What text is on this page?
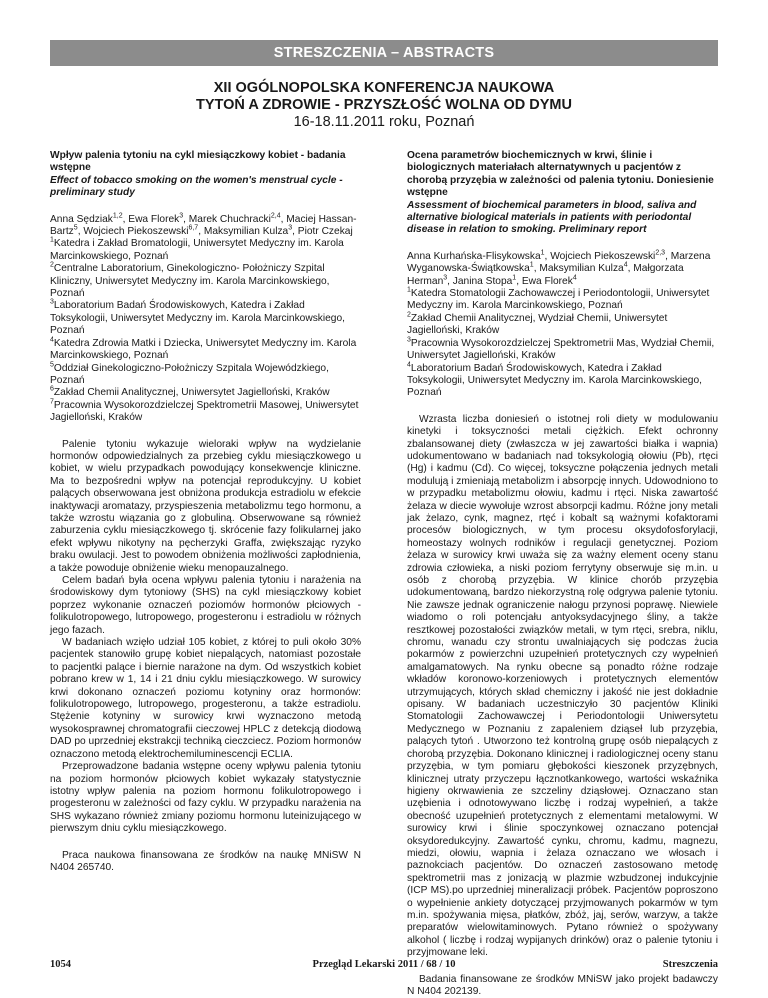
STRESZCZENIA – ABSTRACTS
XII OGÓLNOPOLSKA KONFERENCJA NAUKOWA
TYTOŃ A ZDROWIE - PRZYSZŁOŚĆ WOLNA OD DYMU
16-18.11.2011 roku, Poznań
Wpływ palenia tytoniu na cykl miesiączkowy kobiet - badania wstępne
Effect of tobacco smoking on the women's menstrual cycle - preliminary study
Anna Sędziak$^{1,2}$, Ewa Florek$^3$, Marek Chuchracki$^{2,4}$, Maciej Hassan-Bartz$^5$, Wojciech Piekoszewski$^{6,7}$, Maksymilian Kulza$^3$, Piotr Czekaj
$^1$Katedra i Zakład Bromatologii, Uniwersytet Medyczny im. Karola Marcinkowskiego, Poznań
$^2$Centralne Laboratorium, Ginekologiczno- Położniczy Szpital Kliniczny, Uniwersytet Medyczny im. Karola Marcinkowskiego, Poznań
$^3$Laboratorium Badań Środowiskowych, Katedra i Zakład Toksykologii, Uniwersytet Medyczny im. Karola Marcinkowskiego, Poznań
$^4$Katedra Zdrowia Matki i Dziecka, Uniwersytet Medyczny im. Karola Marcinkowskiego, Poznań
$^5$Oddział Ginekologiczno-Położniczy Szpitala Wojewódzkiego, Poznań
$^6$Zakład Chemii Analitycznej, Uniwersytet Jagielloński, Kraków
$^7$Pracownia Wysokorozdzielczej Spektrometrii Masowej, Uniwersytet Jagielloński, Kraków

Palenie tytoniu wykazuje wieloraki wpływ na wydzielanie hormonów odpowiedzialnych za przebieg cyklu miesiączkowego u kobiet, w wielu przypadkach powodujący konsekwencje kliniczne. Ma to bezpośredni wpływ na potencjał reprodukcyjny. U kobiet palących obserwowana jest obniżona produkcja estradiolu w efekcie inaktywacji aromatazy, przyspieszenia metabolizmu tego hormonu, a także wzrostu wiązania go z globuliną. Obserwowane są również zaburzenia cyklu miesiączkowego tj. skrócenie fazy folikularnej jako efekt wpływu nikotyny na pęcherzyki Graffa, zwiększając ryzyko braku owulacji. Jest to powodem obniżenia możliwości zapłodnienia, a także powoduje obniżenie wieku menopauzalnego.

Celem badań była ocena wpływu palenia tytoniu i narażenia na środowiskowy dym tytoniowy (SHS) na cykl miesiączkowy kobiet poprzez wykonanie oznaczeń poziomów hormonów płciowych - folikulotropowego, lutropowego, progesteronu i estradiolu w różnych jego fazach.

W badaniach wzięło udział 105 kobiet, z której to puli około 30% pacjentek stanowiło grupę kobiet niepalących, natomiast pozostałe to pacjentki palące i biernie narażone na dym. Od wszystkich kobiet pobrano krew w 1, 14 i 21 dniu cyklu miesiączkowego. W surowicy krwi dokonano oznaczeń poziomu kotyniny oraz hormonów: folikulotropowego, lutropowego, progesteronu, a także estradiolu. Stężenie kotyniny w surowicy krwi wyznaczono metodą wysokosprawnej chromatografii cieczowej HPLC z detekcją diodową DAD po uprzedniej ekstrakcji techniką cieczciecz. Poziom hormonów oznaczono metodą elektrochemiluminescencji ECLIA.

Przeprowadzone badania wstępne oceny wpływu palenia tytoniu na poziom hormonów płciowych kobiet wykazały statystycznie istotny wpływ palenia na poziom hormonu folikulotropowego i progesteronu w zależności od fazy cyklu. W przypadku narażenia na SHS wykazano również zmiany poziomu hormonu luteinizującego w pierwszym dniu cyklu miesiączkowego.

Praca naukowa finansowana ze środków na naukę MNiSW N N404 265740.

Ocena parametrów biochemicznych w krwi, ślinie i biologicznych materiałach alternatywnych u pacjentów z chorobą przyzębia w zależności od palenia tytoniu. Doniesienie wstępne
Assessment of biochemical parameters in blood, saliva and alternative biological materials in patients with periodontal disease in relation to smoking. Preliminary report
Anna Kurhańska-Flisykowska$^1$, Wojciech Piekoszewski$^{2,3}$, Marzena Wyganowska-Świątkowska$^1$, Maksymilian Kulza$^4$, Małgorzata Herman$^3$, Janina Stopa$^1$, Ewa Florek$^4$
$^1$Katedra Stomatologii Zachowawczej i Periodontologii, Uniwersytet Medyczny im. Karola Marcinkowskiego, Poznań
$^2$Zakład Chemii Analitycznej, Wydział Chemii, Uniwersytet Jagielloński, Kraków
$^3$Pracownia Wysokorozdzielczej Spektrometrii Mas, Wydział Chemii, Uniwersytet Jagielloński, Kraków
$^4$Laboratorium Badań Środowiskowych, Katedra i Zakład Toksykologii, Uniwersytet Medyczny im. Karola Marcinkowskiego, Poznań

Wzrasta liczba doniesień o istotnej roli diety w modulowaniu kinetyki i toksyczności metali ciężkich. Efekt ochronny zbalansowanej diety (zwłaszcza w jej zawartości białka i wapnia) udokumentowano w badaniach nad toksykologią ołowiu (Pb), rtęci (Hg) i kadmu (Cd). Co więcej, toksyczne połączenia jednych metali modulują i zmieniają metabolizm i absorpcję innych. Udowodniono to w przypadku metabolizmu ołowiu, kadmu i rtęci. Niska zawartość żelaza w diecie wywołuje wzrost absorpcji kadmu. Różne jony metali jak żelazo, cynk, magnez, rtęć i kobalt są ważnymi kofaktorami procesów biologicznych, w tym procesu oksydofosforylacji, homeostazy wolnych rodników i regulacji genetycznej. Poziom żelaza w surowicy krwi uważa się za ważny element oceny stanu zdrowia człowieka, a niski poziom ferrytyny obserwuje się m.in. u osób z chorobą przyzębia. W klinice chorób przyzębia udokumentowaną, bardzo niekorzystną rolę odgrywa palenie tytoniu. Nie zawsze jednak ograniczenie nałogu przynosi poprawę. Niewiele wiadomo o roli potencjału antyoksydacyjnego śliny, a także resztkowej pozostałości związków metali, w tym rtęci, srebra, niklu, chromu, wanadu czy strontu uwalniających się podczas żucia pokarmów z powierzchni uzupełnień protetycznych czy wypełnień amalgamatowych. Na rynku obecne są ponadto różne rodzaje wkładów koronowo-korzeniowych i protetycznych elementów utrzymujących, których skład chemiczny i jakość nie jest dokładnie opisany. W badaniach uczestniczyło 30 pacjentów Kliniki Stomatologii Zachowawczej i Periodontologii Uniwersytetu Medycznego w Poznaniu z zapaleniem dziąseł lub przyzębia, palących tytoń . Utworzono też kontrolną grupę osób niepalących z chorobą przyzębia. Dokonano klinicznej i radiologicznej oceny stanu przyzębia, w tym pomiaru głębokości kieszonek przyzębnych, klinicznej utraty przyczepu łącznotkankowego, wartości wskaźnika higieny okrwawienia ze szczeliny dziąsłowej. Oznaczano stan uzębienia i odnotowywano liczbę i rodzaj wypełnień, a także obecność uzupełnień protetycznych z elementami metalowymi. W surowicy krwi i ślinie spoczynkowej oznaczano potencjał oksydoredukcyjny. Zawartość cynku, chromu, kadmu, magnezu, miedzi, ołowiu, wapnia i żelaza oznaczano we włosach i paznokciach pacjentów. Do oznaczeń zastosowano metodę spektrometrii mas z jonizacją w plazmie wzbudzonej indukcyjnie (ICP MS).po uprzedniej mineralizacji próbek. Pacjentów poproszono o wypełnienie ankiety dotyczącej przyjmowanych pokarmów w tym m.in. spożywania mięsa, płatków, zbóż, jaj, serów, warzyw, a także preparatów wielowitaminowych. Pytano również o spożywany alkohol ( liczbę i rodzaj wypijanych drinków) oraz o palenie tytoniu i przyjmowane leki.

Badania finansowane ze środków MNiSW jako projekt badawczy N N404 202139.

1054	Przegląd Lekarski 2011 / 68 / 10	Streszczenia
